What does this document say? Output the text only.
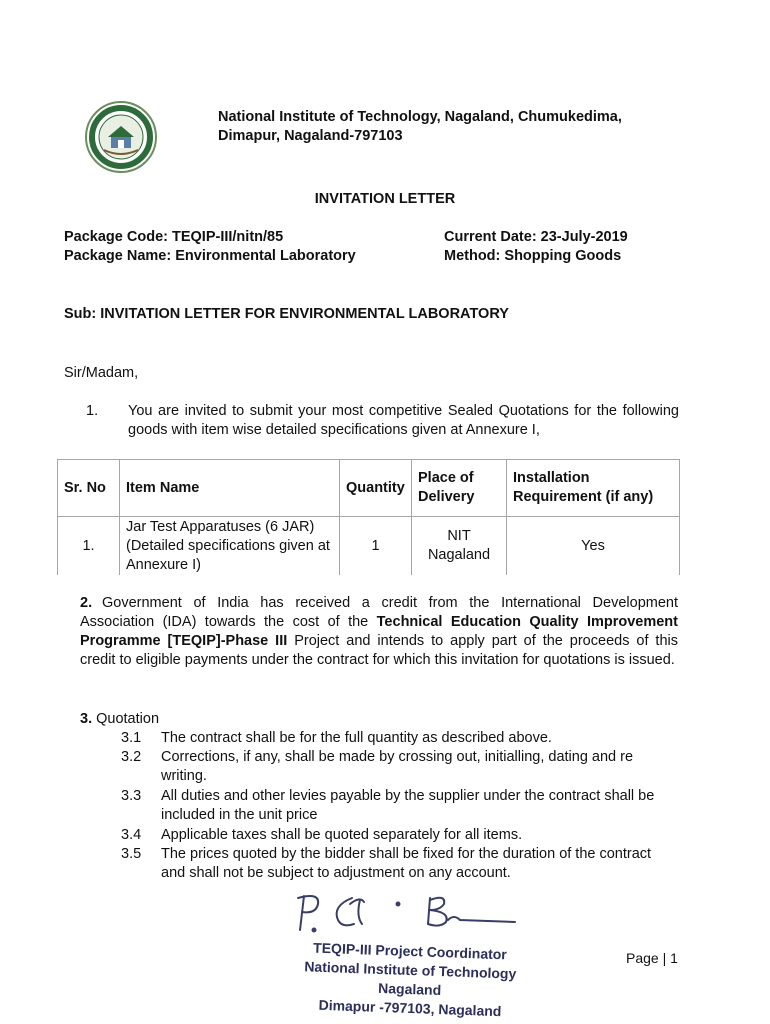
National Institute of Technology, Nagaland, Chumukedima,
Dimapur, Nagaland-797103
INVITATION LETTER
Package Code: TEQIP-III/nitn/85
Package Name: Environmental Laboratory
Current Date: 23-July-2019
Method: Shopping Goods
Sub: INVITATION LETTER FOR ENVIRONMENTAL LABORATORY
Sir/Madam,
1. You are invited to submit your most competitive Sealed Quotations for the following goods with item wise detailed specifications given at Annexure I,
Sr. No	Item Name	Quantity	Place of Delivery	Installation Requirement (if any)
1.	Jar Test Apparatuses (6 JAR) (Detailed specifications given at Annexure I)	1	NIT Nagaland	Yes
2. Government of India has received a credit from the International Development Association (IDA) towards the cost of the Technical Education Quality Improvement Programme [TEQIP]-Phase III Project and intends to apply part of the proceeds of this credit to eligible payments under the contract for which this invitation for quotations is issued.
3. Quotation
3.1 The contract shall be for the full quantity as described above.
3.2 Corrections, if any, shall be made by crossing out, initialling, dating and re writing.
3.3 All duties and other levies payable by the supplier under the contract shall be included in the unit price
3.4 Applicable taxes shall be quoted separately for all items.
3.5 The prices quoted by the bidder shall be fixed for the duration of the contract and shall not be subject to adjustment on any account.
TEQIP-III Project Coordinator
National Institute of Technology Nagaland
Dimapur -797103, Nagaland
Page | 1
